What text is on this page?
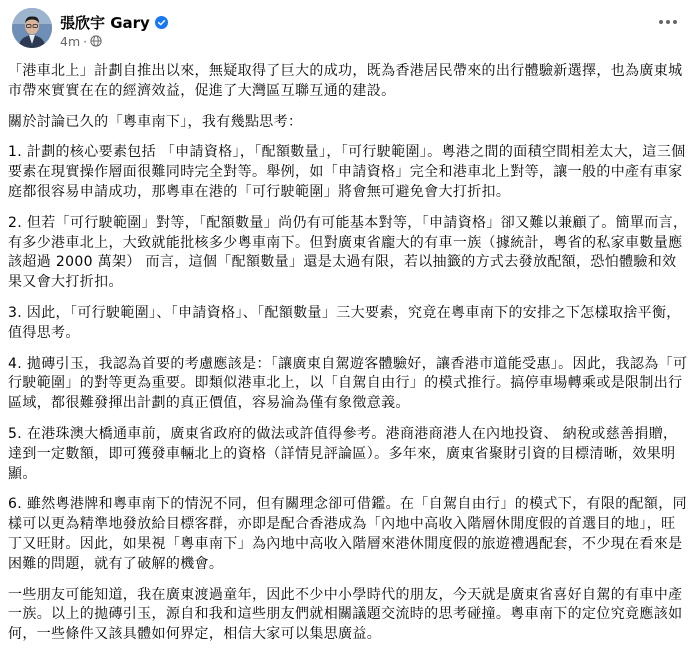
張欣宇 Gary
4m ·

「港車北上」計劃自推出以來，無疑取得了巨大的成功，既為香港居民帶來的出行體驗新選擇，也為廣東城市帶來實實在在的經濟效益，促進了大灣區互聯互通的建設。

關於討論已久的「粵車南下」，我有幾點思考：

1. 計劃的核心要素包括 「申請資格」，「配額數量」，「可行駛範圍」。粵港之間的面積空間相差太大，這三個要素在現實操作層面很難同時完全對等。舉例，如「申請資格」完全和港車北上對等，讓一般的中產有車家庭都很容易申請成功，那粵車在港的「可行駛範圍」將會無可避免會大打折扣。

2. 但若「可行駛範圍」對等，「配額數量」尚仍有可能基本對等，「申請資格」卻又難以兼顧了。簡單而言，有多少港車北上，大致就能批核多少粵車南下。但對廣東省龐大的有車一族（據統計，粵省的私家車數量應該超過 2000 萬架） 而言，這個「配額數量」還是太過有限，若以抽籤的方式去發放配額，恐怕體驗和效果又會大打折扣。

3. 因此，「可行駛範圍」、「申請資格」、「配額數量」三大要素，究竟在粵車南下的安排之下怎樣取捨平衡，值得思考。

4. 拋磚引玉，我認為首要的考慮應該是：「讓廣東自駕遊客體驗好，讓香港市道能受惠」。因此，我認為「可行駛範圍」的對等更為重要。即類似港車北上，以「自駕自由行」的模式推行。搞停車場轉乘或是限制出行區域，都很難發揮出計劃的真正價值，容易淪為僅有象徵意義。

5. 在港珠澳大橋通車前，廣東省政府的做法或許值得參考。港商港商港人在內地投資、 納稅或慈善捐贈，達到一定數額，即可獲發車輛北上的資格（詳情見評論區）。多年來，廣東省聚財引資的目標清晰，效果明顯。

6. 雖然粵港牌和粵車南下的情況不同，但有關理念卻可借鑑。在「自駕自由行」的模式下，有限的配額，同樣可以更為精準地發放給目標客群，亦即是配合香港成為「內地中高收入階層休閒度假的首選目的地」，旺丁又旺財。因此，如果視「粵車南下」為內地中高收入階層來港休閒度假的旅遊禮遇配套，不少現在看來是困難的問題，就有了破解的機會。

一些朋友可能知道，我在廣東渡過童年，因此不少中小學時代的朋友，今天就是廣東省喜好自駕的有車中產一族。以上的拋磚引玉，源自和我和這些朋友們就相關議題交流時的思考碰撞。粵車南下的定位究竟應該如何，一些條件又該具體如何界定，相信大家可以集思廣益。
